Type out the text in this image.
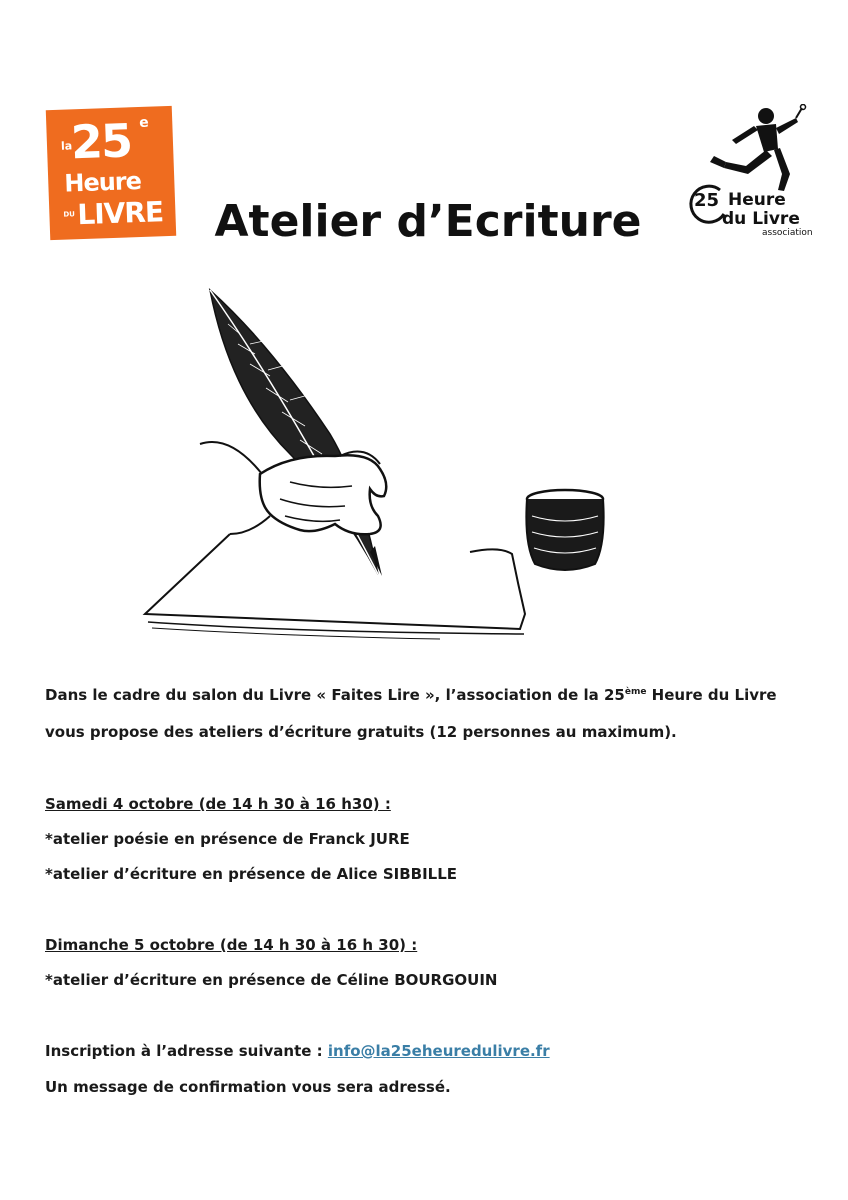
la
25 e
Heure
DU LIVRE	25 Heure
du Livre
association
Atelier d’Ecriture
Dans le cadre du salon du Livre « Faites Lire », l’association de la 25ème Heure du Livre
vous propose des ateliers d’écriture gratuits (12 personnes au maximum).
Samedi 4 octobre (de 14 h 30 à 16 h30) :
*atelier poésie en présence de Franck JURE
*atelier d’écriture en présence de Alice SIBBILLE
Dimanche 5 octobre (de 14 h 30 à 16 h 30) :
*atelier d’écriture en présence de Céline BOURGOUIN
Inscription à l’adresse suivante : info@la25eheuredulivre.fr
Un message de confirmation vous sera adressé.
